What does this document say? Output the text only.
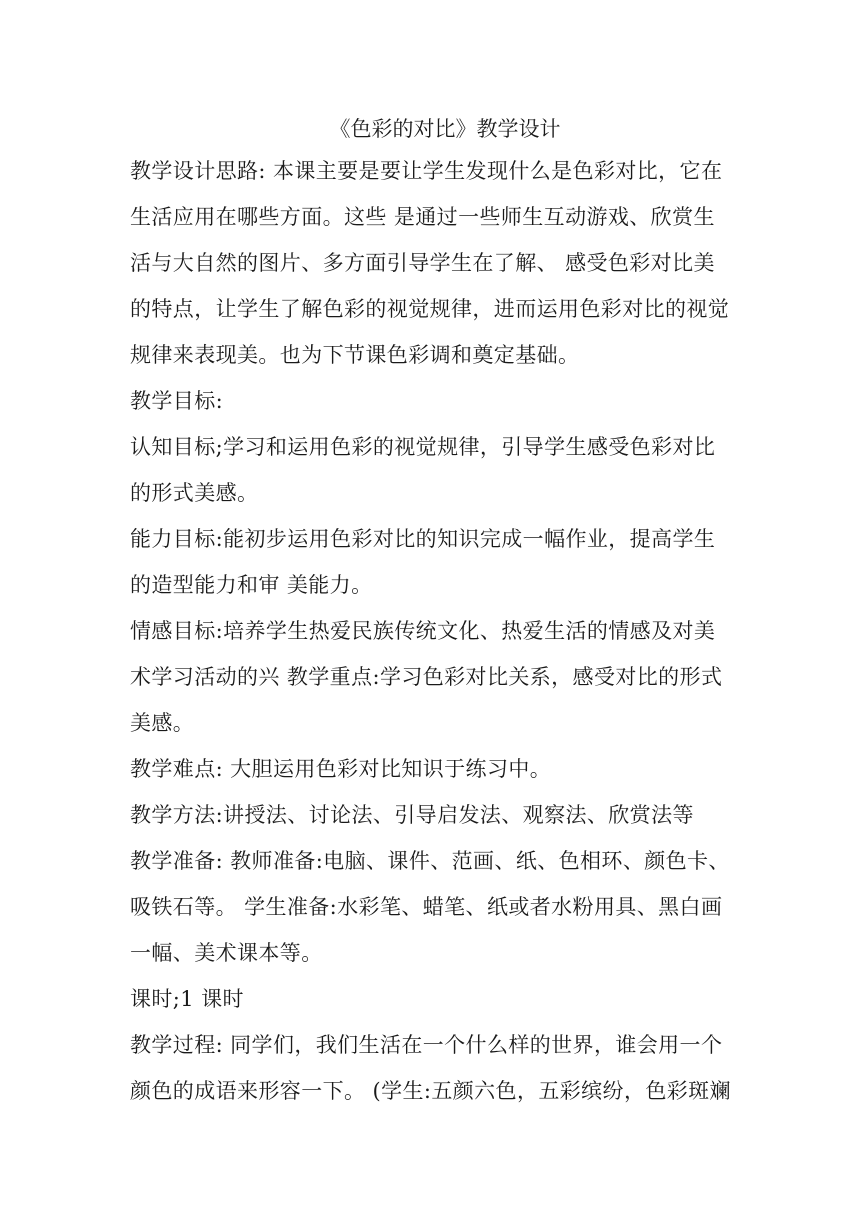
《色彩的对比》教学设计
教学设计思路: 本课主要是要让学生发现什么是色彩对比，它在
生活应用在哪些方面。这些 是通过一些师生互动游戏、欣赏生
活与大自然的图片、多方面引导学生在了解、 感受色彩对比美
的特点，让学生了解色彩的视觉规律，进而运用色彩对比的视觉
规律来表现美。也为下节课色彩调和奠定基础。
教学目标:
认知目标;学习和运用色彩的视觉规律，引导学生感受色彩对比
的形式美感。
能力目标:能初步运用色彩对比的知识完成一幅作业，提高学生
的造型能力和审 美能力。
情感目标:培养学生热爱民族传统文化、热爱生活的情感及对美
术学习活动的兴 教学重点:学习色彩对比关系，感受对比的形式
美感。
教学难点: 大胆运用色彩对比知识于练习中。
教学方法:讲授法、讨论法、引导启发法、观察法、欣赏法等
教学准备: 教师准备:电脑、课件、范画、纸、色相环、颜色卡、
吸铁石等。 学生准备:水彩笔、蜡笔、纸或者水粉用具、黑白画
一幅、美术课本等。
课时;1 课时
教学过程: 同学们，我们生活在一个什么样的世界，谁会用一个
颜色的成语来形容一下。 (学生:五颜六色，五彩缤纷，色彩斑斓
